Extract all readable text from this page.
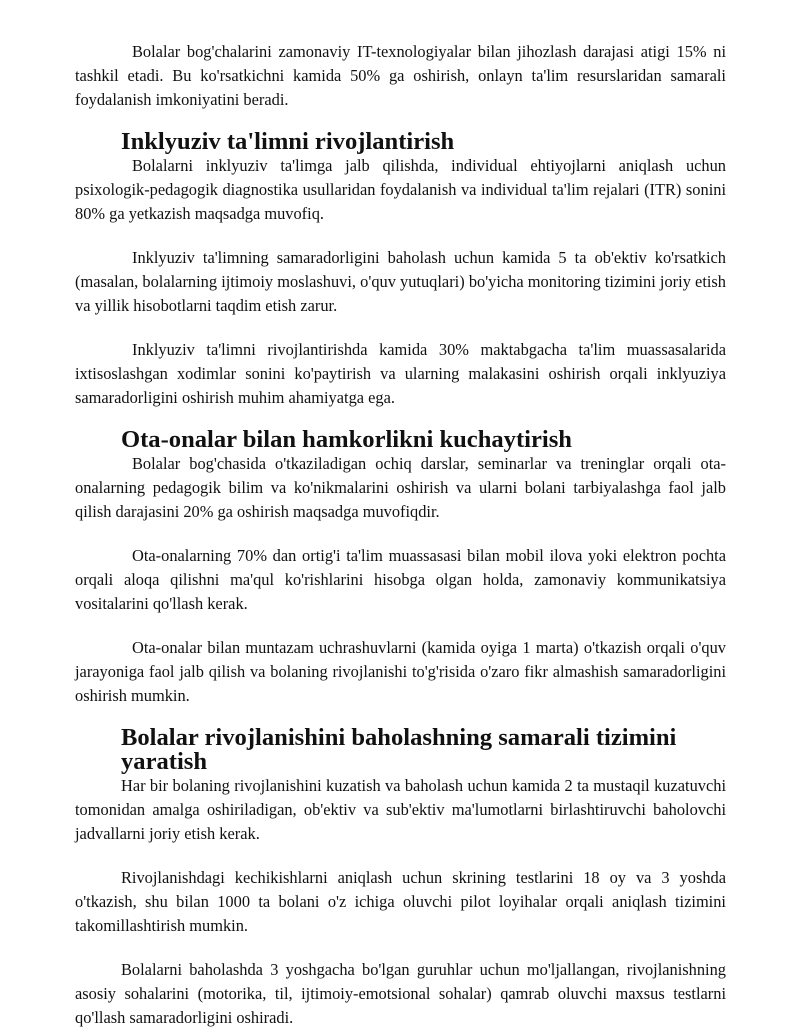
Bolalar bog'chalarini zamonaviy IT-texnologiyalar bilan jihozlash darajasi atigi 15% ni tashkil etadi. Bu ko'rsatkichni kamida 50% ga oshirish, onlayn ta'lim resurslaridan samarali foydalanish imkoniyatini beradi.

Inklyuziv ta'limni rivojlantirish

Bolalarni inklyuziv ta'limga jalb qilishda, individual ehtiyojlarni aniqlash uchun psixologik-pedagogik diagnostika usullaridan foydalanish va individual ta'lim rejalari (ITR) sonini 80% ga yetkazish maqsadga muvofiq.

Inklyuziv ta'limning samaradorligini baholash uchun kamida 5 ta ob'ektiv ko'rsatkich (masalan, bolalarning ijtimoiy moslashuvi, o'quv yutuqlari) bo'yicha monitoring tizimini joriy etish va yillik hisobotlarni taqdim etish zarur.

Inklyuziv ta'limni rivojlantirishda kamida 30% maktabgacha ta'lim muassasalarida ixtisoslashgan xodimlar sonini ko'paytirish va ularning malakasini oshirish orqali inklyuziya samaradorligini oshirish muhim ahamiyatga ega.

Ota-onalar bilan hamkorlikni kuchaytirish

Bolalar bog'chasida o'tkaziladigan ochiq darslar, seminarlar va treninglar orqali ota-onalarning pedagogik bilim va ko'nikmalarini oshirish va ularni bolani tarbiyalashga faol jalb qilish darajasini 20% ga oshirish maqsadga muvofiqdir.

Ota-onalarning 70% dan ortig'i ta'lim muassasasi bilan mobil ilova yoki elektron pochta orqali aloqa qilishni ma'qul ko'rishlarini hisobga olgan holda, zamonaviy kommunikatsiya vositalarini qo'llash kerak.

Ota-onalar bilan muntazam uchrashuvlarni (kamida oyiga 1 marta) o'tkazish orqali o'quv jarayoniga faol jalb qilish va bolaning rivojlanishi to'g'risida o'zaro fikr almashish samaradorligini oshirish mumkin.

Bolalar rivojlanishini baholashning samarali tizimini yaratish

Har bir bolaning rivojlanishini kuzatish va baholash uchun kamida 2 ta mustaqil kuzatuvchi tomonidan amalga oshiriladigan, ob'ektiv va sub'ektiv ma'lumotlarni birlashtiruvchi baholovchi jadvallarni joriy etish kerak.

Rivojlanishdagi kechikishlarni aniqlash uchun skrining testlarini 18 oy va 3 yoshda o'tkazish, shu bilan 1000 ta bolani o'z ichiga oluvchi pilot loyihalar orqali aniqlash tizimini takomillashtirish mumkin.

Bolalarni baholashda 3 yoshgacha bo'lgan guruhlar uchun mo'ljallangan, rivojlanishning asosiy sohalarini (motorika, til, ijtimoiy-emotsional sohalar) qamrab oluvchi maxsus testlarni qo'llash samaradorligini oshiradi.
